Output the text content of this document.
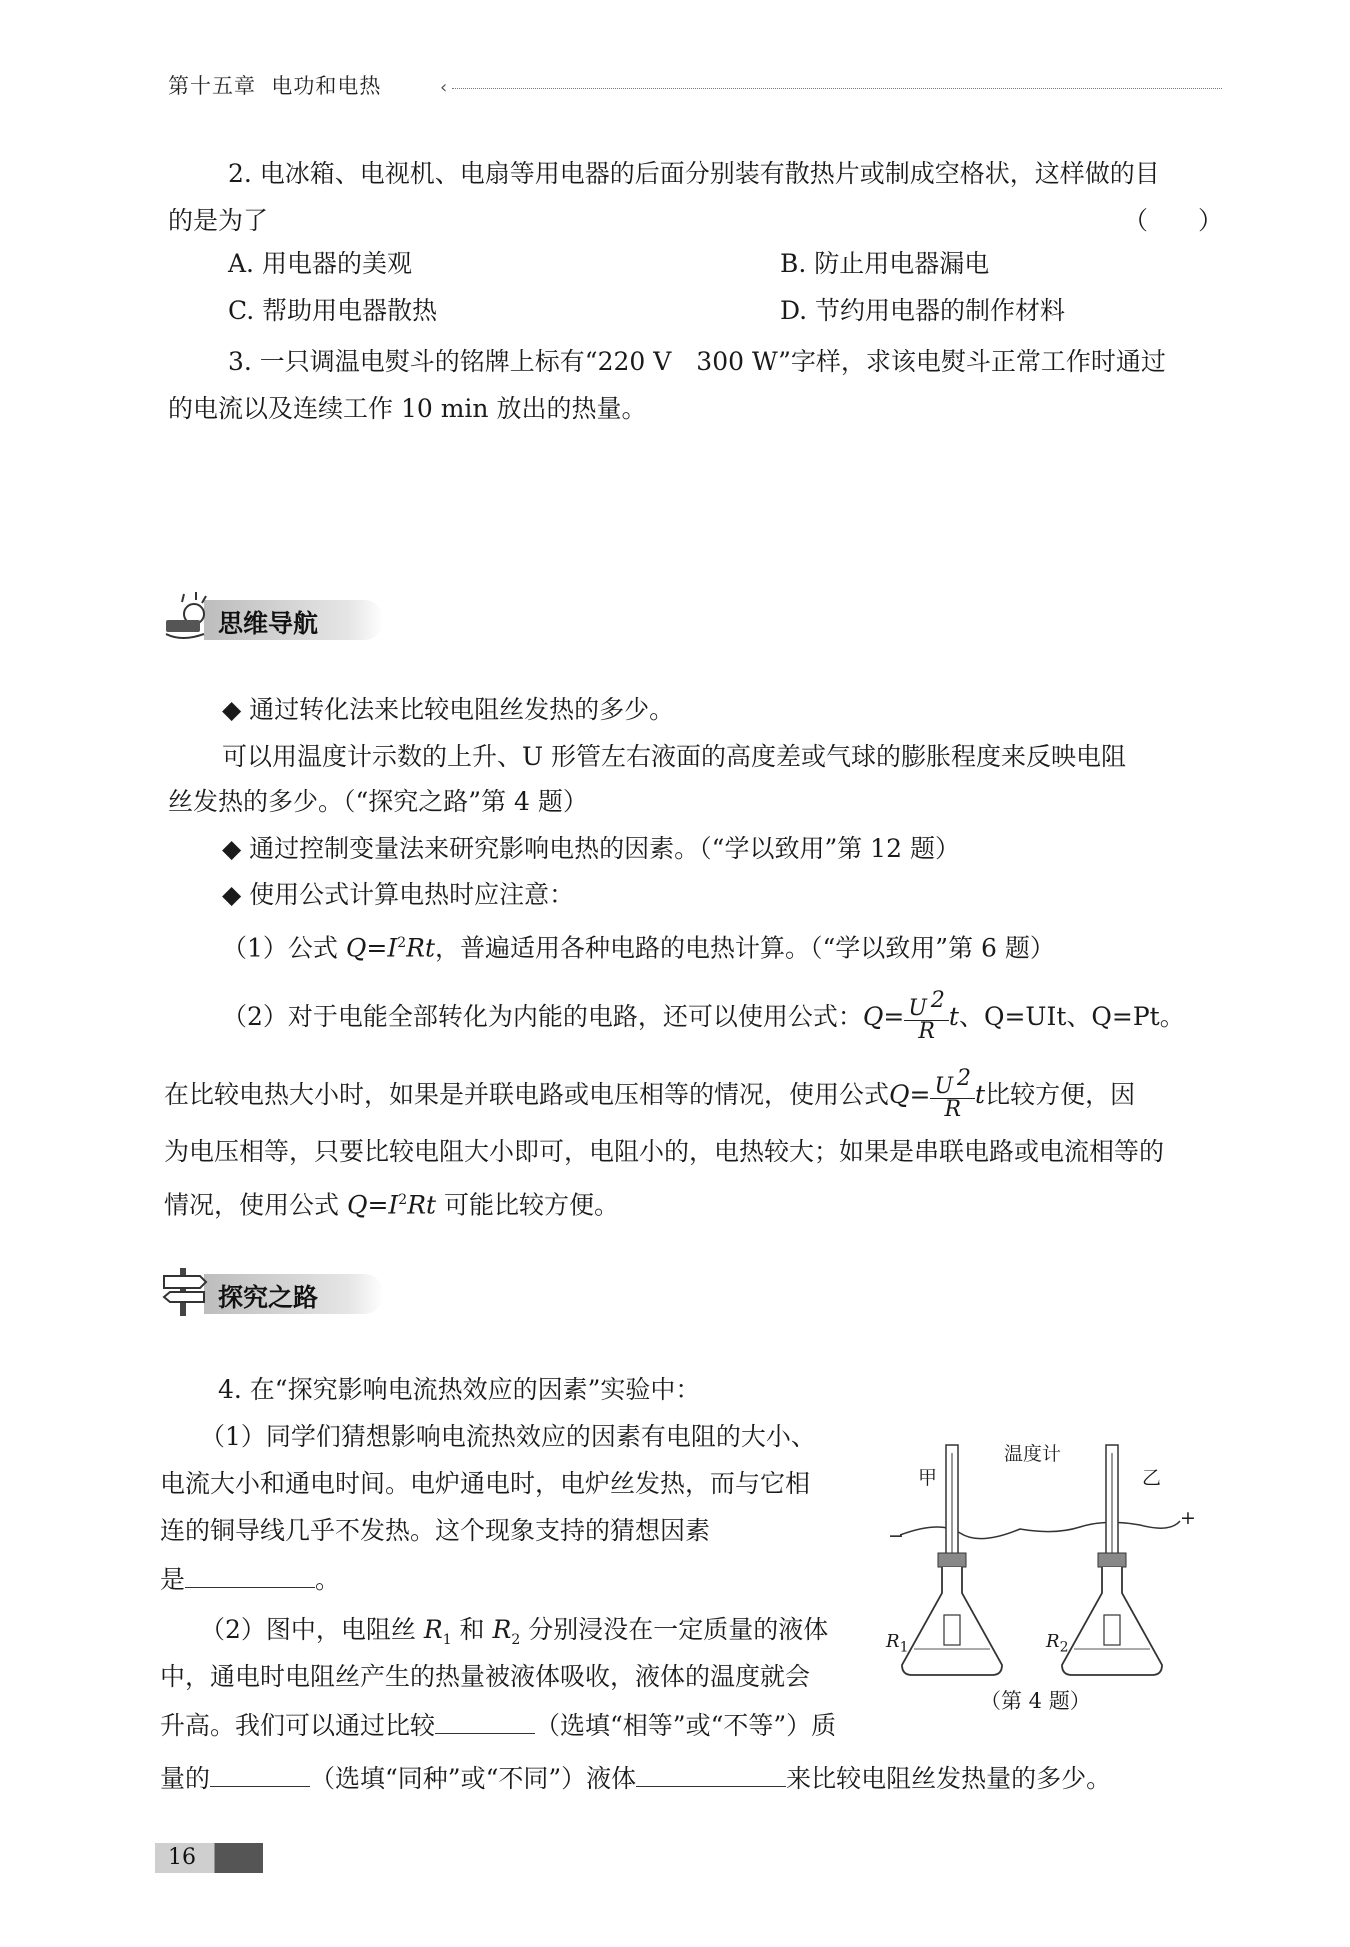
第十五章 电功和电热	‹
2. 电冰箱、电视机、电扇等用电器的后面分别装有散热片或制成空格状，这样做的目
的是为了	（　　）
A. 用电器的美观	B. 防止用电器漏电
C. 帮助用电器散热	D. 节约用电器的制作材料
3. 一只调温电熨斗的铭牌上标有“220 V　300 W”字样，求该电熨斗正常工作时通过
的电流以及连续工作 10 min 放出的热量。
思维导航
◆ 通过转化法来比较电阻丝发热的多少。
可以用温度计示数的上升、U 形管左右液面的高度差或气球的膨胀程度来反映电阻
丝发热的多少。（“探究之路”第 4 题）
◆ 通过控制变量法来研究影响电热的因素。（“学以致用”第 12 题）
◆ 使用公式计算电热时应注意：
（1）公式 $Q=I^2Rt$，普遍适用各种电路的电热计算。（“学以致用”第 6 题）
（2）对于电能全部转化为内能的电路，还可以使用公式： $Q = \frac{U 2}{R}$ t 、Q=UIt、Q=Pt。
在比较电热大小时，如果是并联电路或电压相等的情况，使用公式 $Q = \frac{U 2}{R}$ t 比较方便，因
为电压相等，只要比较电阻大小即可，电阻小的，电热较大；如果是串联电路或电流相等的
情况，使用公式 $Q=I^2Rt$ 可能比较方便。
探究之路
4. 在“探究影响电流热效应的因素”实验中：
（1）同学们猜想影响电流热效应的因素有电阻的大小、
电流大小和通电时间。电炉通电时，电炉丝发热，而与它相
连的铜导线几乎不发热。这个现象支持的猜想因素
是	。
（2）图中，电阻丝 $R_1$ 和 $R_2$ 分别浸没在一定质量的液体
中，通电时电阻丝产生的热量被液体吸收，液体的温度就会
升高。我们可以通过比较	（选填“相等”或“不等”）质
量的	（选填“同种”或“不同”）液体	来比较电阻丝发热量的多少。
甲	乙
温度计
−
+
$R_1$	$R_2$
（第 4 题）
16
